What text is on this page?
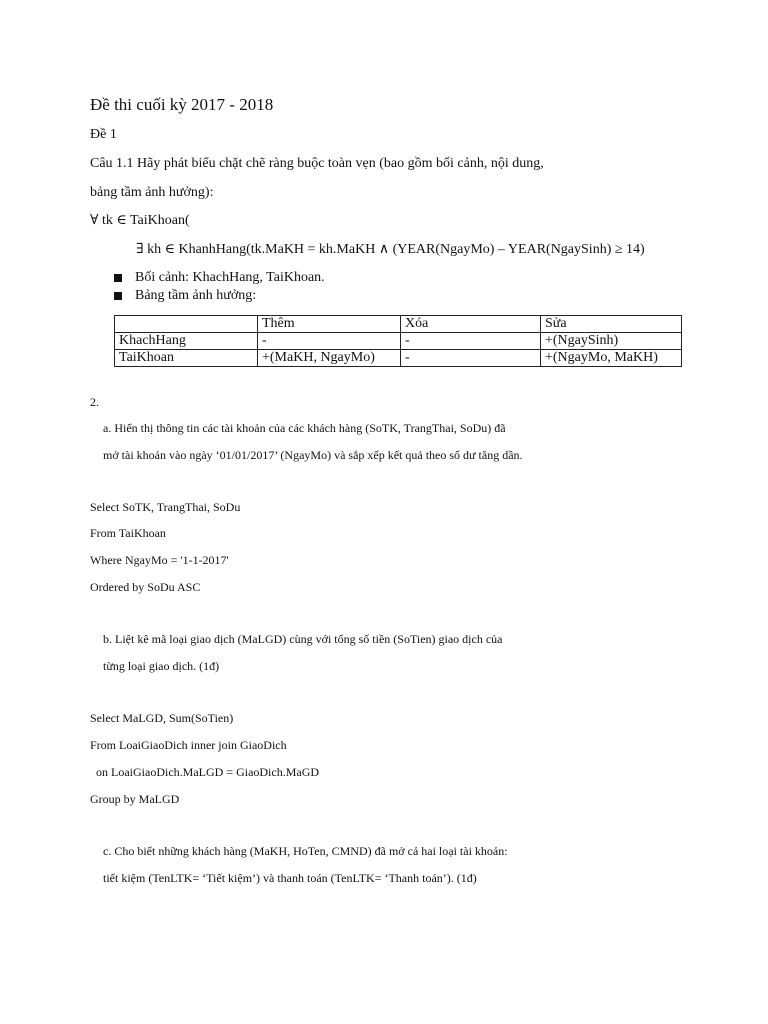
Đề thi cuối kỳ 2017 - 2018
Đề 1
Câu 1.1 Hãy phát biểu chặt chẽ ràng buộc toàn vẹn (bao gồm bối cảnh, nội dung,
bảng tầm ảnh hưởng):
∀ tk ∈ TaiKhoan(
∃ kh ∈ KhanhHang(tk.MaKH = kh.MaKH ∧ (YEAR(NgayMo) – YEAR(NgaySinh) ≥ 14)
Bối cảnh: KhachHang, TaiKhoan.
Bảng tầm ảnh hưởng:
	Thêm	Xóa	Sửa
KhachHang	-	-	+(NgaySinh)
TaiKhoan	+(MaKH, NgayMo)	-	+(NgayMo, MaKH)
2.
a. Hiển thị thông tin các tài khoản của các khách hàng (SoTK, TrangThai, SoDu) đã
mở tài khoản vào ngày ‘01/01/2017’ (NgayMo) và sắp xếp kết quả theo số dư tăng dần.
Select SoTK, TrangThai, SoDu
From TaiKhoan
Where NgayMo = '1-1-2017'
Ordered by SoDu ASC
b. Liệt kê mã loại giao dịch (MaLGD) cùng với tổng số tiền (SoTien) giao dịch của
từng loại giao dịch. (1đ)
Select MaLGD, Sum(SoTien)
From LoaiGiaoDich inner join GiaoDich
on LoaiGiaoDich.MaLGD = GiaoDich.MaGD
Group by MaLGD
c. Cho biết những khách hàng (MaKH, HoTen, CMND) đã mở cả hai loại tài khoản:
tiết kiệm (TenLTK= ‘Tiết kiệm’) và thanh toán (TenLTK= ‘Thanh toán’). (1đ)
